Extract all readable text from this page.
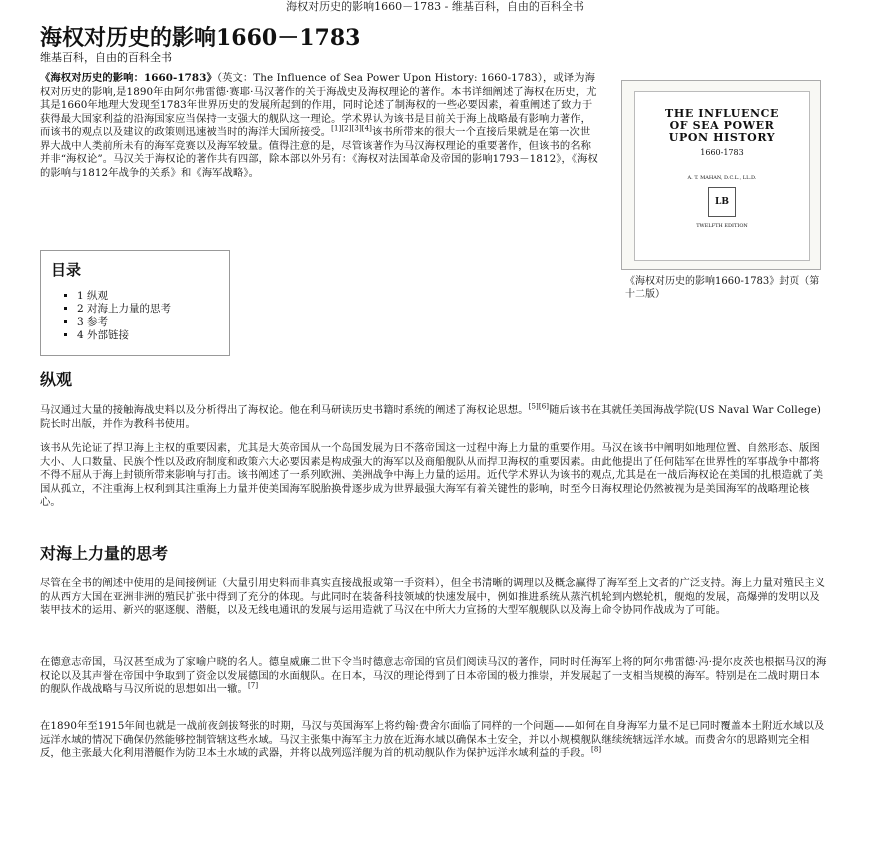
海权对历史的影响1660－1783 - 维基百科，自由的百科全书
海权对历史的影响1660－1783
维基百科，自由的百科全书
《海权对历史的影响：1660-1783》（英文：The Influence of Sea Power Upon History: 1660-1783），或译为海权对历史的影响,是1890年由阿尔弗雷德·赛耶·马汉著作的关于海战史及海权理论的著作。本书详细阐述了海权在历史，尤其是1660年地理大发现至1783年世界历史的发展所起到的作用，同时论述了制海权的一些必要因素，着重阐述了致力于获得最大国家利益的沿海国家应当保持一支强大的舰队这一理论。学术界认为该书是目前关于海上战略最有影响力著作，而该书的观点以及建议的政策则迅速被当时的海洋大国所接受。[1][2][3][4]该书所带来的很大一个直接后果就是在第一次世界大战中人类前所未有的海军竞赛以及海军较量。值得注意的是，尽管该著作为马汉海权理论的重要著作，但该书的名称并非“海权论”。马汉关于海权论的著作共有四部，除本部以外另有：《海权对法国革命及帝国的影响1793－1812》，《海权的影响与1812年战争的关系》和《海军战略》。
THE INFLUENCE
OF SEA POWER
UPON HISTORY
1660-1783
A. T. MAHAN, D.C.L., LL.D.
LB
TWELFTH EDITION
《海权对历史的影响1660-1783》封页（第十二版）
目录
▪ 1 纵观
▪ 2 对海上力量的思考
▪ 3 参考
▪ 4 外部链接
纵观
马汉通过大量的接触海战史料以及分析得出了海权论。他在利马研读历史书籍时系统的阐述了海权论思想。[5][6]随后该书在其就任美国海战学院(US Naval War College)院长时出版，并作为教科书使用。
该书从先论证了捍卫海上主权的重要因素，尤其是大英帝国从一个岛国发展为日不落帝国这一过程中海上力量的重要作用。马汉在该书中阐明如地理位置、自然形态、版图大小、人口数量、民族个性以及政府制度和政策六大必要因素是构成强大的海军以及商船舰队从而捍卫海权的重要因素。由此他提出了任何陆军在世界性的军事战争中都将不得不屈从于海上封锁所带来影响与打击。该书阐述了一系列欧洲、美洲战争中海上力量的运用。近代学术界认为该书的观点,尤其是在一战后海权论在美国的扎根造就了美国从孤立，不注重海上权利到其注重海上力量并使美国海军脱胎换骨逐步成为世界最强大海军有着关键性的影响，时至今日海权理论仍然被视为是美国海军的战略理论核心。
对海上力量的思考
尽管在全书的阐述中使用的是间接例证（大量引用史料而非真实直接战报或第一手资料），但全书清晰的调理以及概念赢得了海军至上文者的广泛支持。海上力量对殖民主义的从西方大国在亚洲非洲的殖民扩张中得到了充分的体现。与此同时在装备科技领域的快速发展中，例如推进系统从蒸汽机轮到内燃轮机，舰炮的发展，高爆弹的发明以及装甲技术的运用、新兴的驱逐舰、潜艇，以及无线电通讯的发展与运用造就了马汉在中所大力宣扬的大型军舰舰队以及海上命令协同作战成为了可能。
在德意志帝国，马汉甚至成为了家喻户晓的名人。德皇威廉二世下令当时德意志帝国的官员们阅读马汉的著作，同时时任海军上将的阿尔弗雷德·冯·提尔皮茨也根据马汉的海权论以及其声誉在帝国中争取到了资金以发展德国的水面舰队。在日本，马汉的理论得到了日本帝国的极力推崇，并发展起了一支相当规模的海军。特别是在二战时期日本的舰队作战战略与马汉所说的思想如出一辙。[7]
在1890年至1915年间也就是一战前夜剑拔弩张的时期，马汉与英国海军上将约翰·费舍尔面临了同样的一个问题——如何在自身海军力量不足已同时覆盖本土附近水域以及远洋水域的情况下确保仍然能够控制管辖这些水域。马汉主张集中海军主力放在近海水域以确保本土安全，并以小规模舰队继续统辖远洋水域。而费舍尔的思路则完全相反，他主张最大化利用潜艇作为防卫本土水域的武器，并将以战列巡洋舰为首的机动舰队作为保护远洋水域利益的手段。[8]
